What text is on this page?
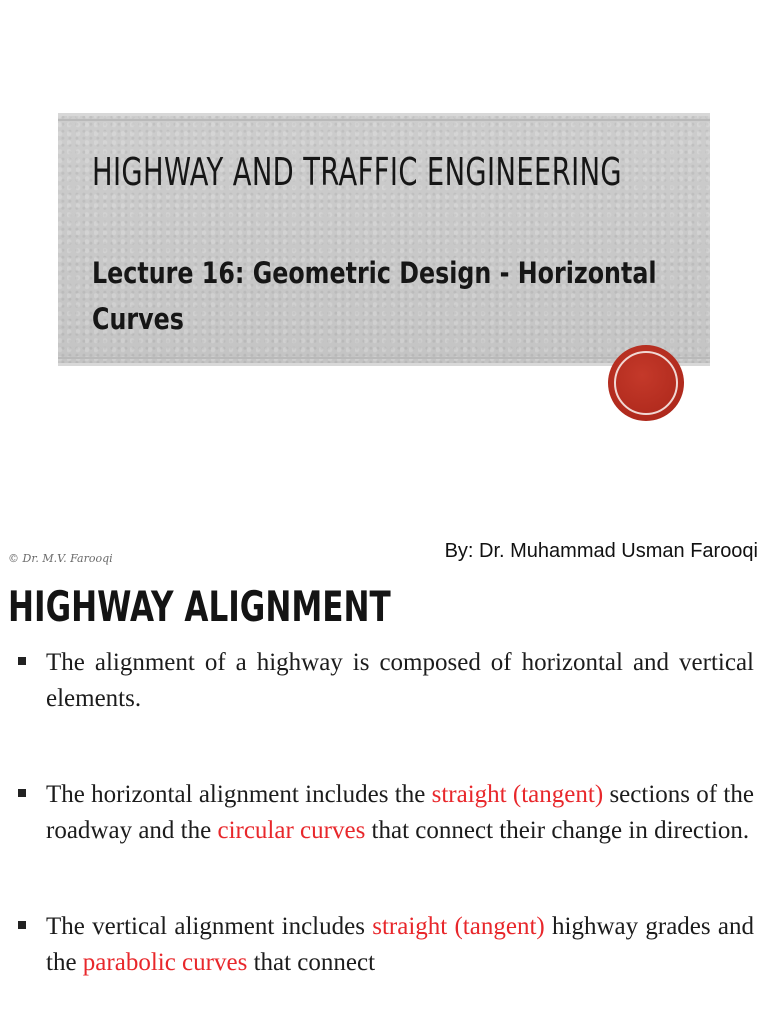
HIGHWAY AND TRAFFIC ENGINEERING
Lecture 16: Geometric Design - Horizontal Curves
By: Dr. Muhammad Usman Farooqi
© Dr. M.V. Farooqi
HIGHWAY ALIGNMENT
The alignment of a highway is composed of horizontal and vertical elements.
The horizontal alignment includes the straight (tangent) sections of the roadway and the circular curves that connect their change in direction.
The vertical alignment includes straight (tangent) highway grades and the parabolic curves that connect
